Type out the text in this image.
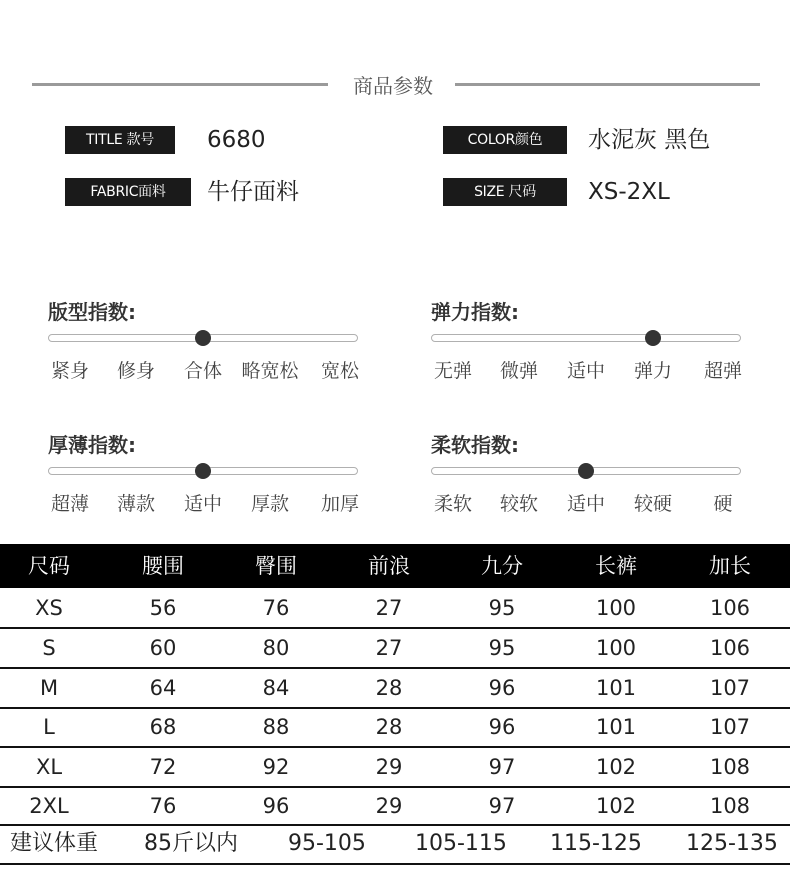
商品参数
TITLE 款号	6680	COLOR颜色	水泥灰 黑色
FABRIC面料	牛仔面料	SIZE 尺码	XS-2XL
版型指数:
紧身 修身 合体 略宽松 宽松
弹力指数:
无弹 微弹 适中 弹力 超弹
厚薄指数:
超薄 薄款 适中 厚款 加厚
柔软指数:
柔软 较软 适中 较硬 硬
尺码	腰围	臀围	前浪	九分	长裤	加长
XS	56	76	27	95	100	106
S	60	80	27	95	100	106
M	64	84	28	96	101	107
L	68	88	28	96	101	107
XL	72	92	29	97	102	108
2XL	76	96	29	97	102	108
建议体重 85斤以内 95-105 105-115 115-125 125-135
